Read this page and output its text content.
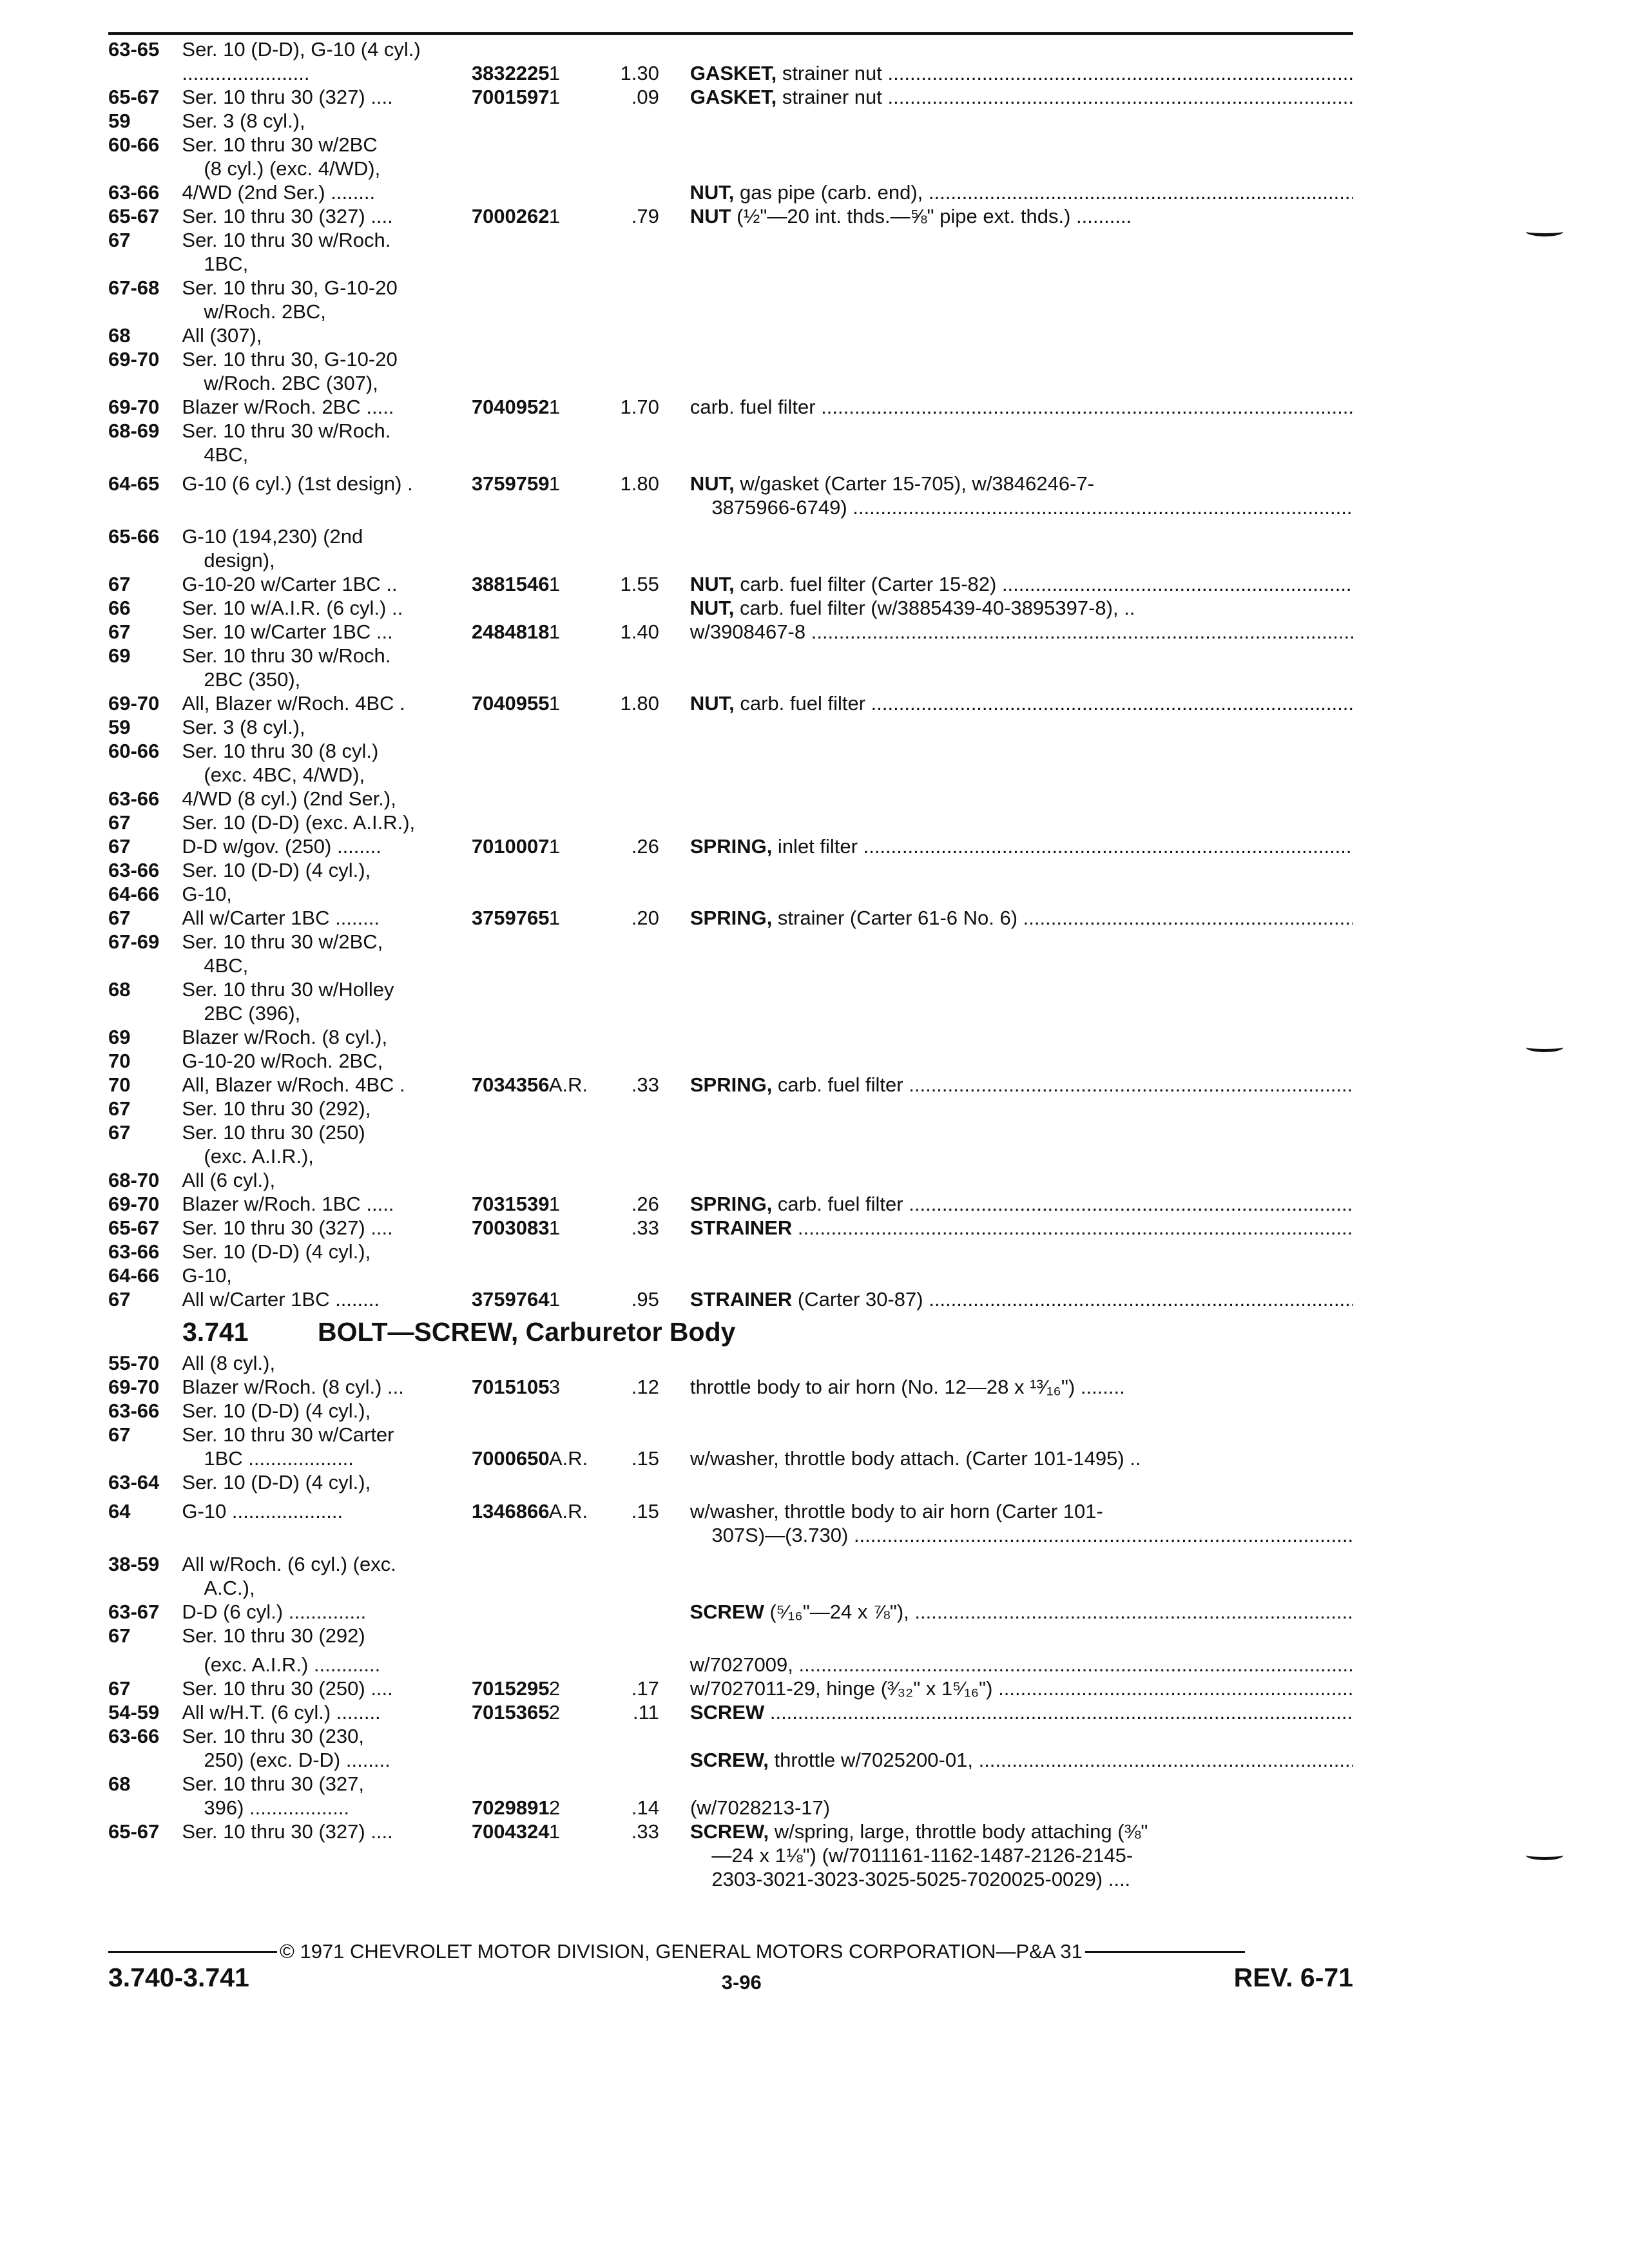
63-65	Ser. 10 (D-D), G-10 (4 cyl.)
.......................	3832225 1	1.30 GASKET, strainer nut .....
65-67	Ser. 10 thru 30 (327) ....	7001597 1	.09 GASKET, strainer nut .....
59	Ser. 3 (8 cyl.),
60-66	Ser. 10 thru 30 w/2BC
(8 cyl.) (exc. 4/WD),
63-66	4/WD (2nd Ser.) ........	NUT, gas pipe (carb. end), .....
65-67	Ser. 10 thru 30 (327) ....	7000262 1	.79 NUT (½"—20 int. thds.—⅝" pipe ext. thds.) ..........
67	Ser. 10 thru 30 w/Roch.
1BC,
67-68	Ser. 10 thru 30, G-10-20
w/Roch. 2BC,
68	All (307),
69-70	Ser. 10 thru 30, G-10-20
w/Roch. 2BC (307),
69-70	Blazer w/Roch. 2BC .....	7040952 1	1.70 carb. fuel filter .....
68-69	Ser. 10 thru 30 w/Roch.
4BC,
64-65	G-10 (6 cyl.) (1st design) .	3759759 1	1.80 NUT, w/gasket (Carter 15-705), w/3846246-7-
3875966-6749) .....
65-66	G-10 (194,230) (2nd
design),
67	G-10-20 w/Carter 1BC ..	3881546 1	1.55 NUT, carb. fuel filter (Carter 15-82) .....
66	Ser. 10 w/A.I.R. (6 cyl.) ..	NUT, carb. fuel filter (w/3885439-40-3895397-8), ..
67	Ser. 10 w/Carter 1BC ...	2484818 1	1.40 w/3908467-8 .....
69	Ser. 10 thru 30 w/Roch.
2BC (350),
69-70	All, Blazer w/Roch. 4BC .	7040955 1	1.80 NUT, carb. fuel filter .....
59	Ser. 3 (8 cyl.),
60-66	Ser. 10 thru 30 (8 cyl.)
(exc. 4BC, 4/WD),
63-66	4/WD (8 cyl.) (2nd Ser.),
67	Ser. 10 (D-D) (exc. A.I.R.),
67	D-D w/gov. (250) ........	7010007 1	.26 SPRING, inlet filter .....
63-66	Ser. 10 (D-D) (4 cyl.),
64-66	G-10,
67	All w/Carter 1BC ........	3759765 1	.20 SPRING, strainer (Carter 61-6 No. 6) .....
67-69	Ser. 10 thru 30 w/2BC,
4BC,
68	Ser. 10 thru 30 w/Holley
2BC (396),
69	Blazer w/Roch. (8 cyl.),
70	G-10-20 w/Roch. 2BC,
70	All, Blazer w/Roch. 4BC .	7034356 A.R.	.33 SPRING, carb. fuel filter .....
67	Ser. 10 thru 30 (292),
67	Ser. 10 thru 30 (250)
(exc. A.I.R.),
68-70	All (6 cyl.),
69-70	Blazer w/Roch. 1BC .....	7031539 1	.26 SPRING, carb. fuel filter .....
65-67	Ser. 10 thru 30 (327) ....	7003083 1	.33 STRAINER .....
63-66	Ser. 10 (D-D) (4 cyl.),
64-66	G-10,
67	All w/Carter 1BC ........	3759764 1	.95 STRAINER (Carter 30-87) .....
3.741	BOLT—SCREW, Carburetor Body
55-70	All (8 cyl.),
69-70	Blazer w/Roch. (8 cyl.) ...	7015105 3	.12 throttle body to air horn (No. 12—28 x ¹³⁄₁₆") ........
63-66	Ser. 10 (D-D) (4 cyl.),
67	Ser. 10 thru 30 w/Carter
1BC ...................	7000650 A.R.	.15 w/washer, throttle body attach. (Carter 101-1495) ..
63-64	Ser. 10 (D-D) (4 cyl.),
64	G-10 ....................	1346866 A.R.	.15 w/washer, throttle body to air horn (Carter 101-
307S)—(3.730) .....
38-59	All w/Roch. (6 cyl.) (exc.
A.C.),
63-67	D-D (6 cyl.) ..............	SCREW (⁵⁄₁₆"—24 x ⅞"), .....
67	Ser. 10 thru 30 (292)
(exc. A.I.R.) ............	w/7027009, .....
67	Ser. 10 thru 30 (250) ....	7015295 2	.17 w/7027011-29, hinge (³⁄₃₂" x 1⁵⁄₁₆") .....
54-59	All w/H.T. (6 cyl.) ........	7015365 2	.11 SCREW .....
63-66	Ser. 10 thru 30 (230,
250) (exc. D-D) ........	SCREW, throttle w/7025200-01, .....
68	Ser. 10 thru 30 (327,
396) ..................	7029891 2	.14 (w/7028213-17)
65-67	Ser. 10 thru 30 (327) ....	7004324 1	.33 SCREW, w/spring, large, throttle body attaching (⅜"
—24 x 1⅛") (w/7011161-1162-1487-2126-2145-
2303-3021-3023-3025-5025-7020025-0029) ....
© 1971 CHEVROLET MOTOR DIVISION, GENERAL MOTORS CORPORATION—P&A 31
3.740-3.741	3-96	REV. 6-71
